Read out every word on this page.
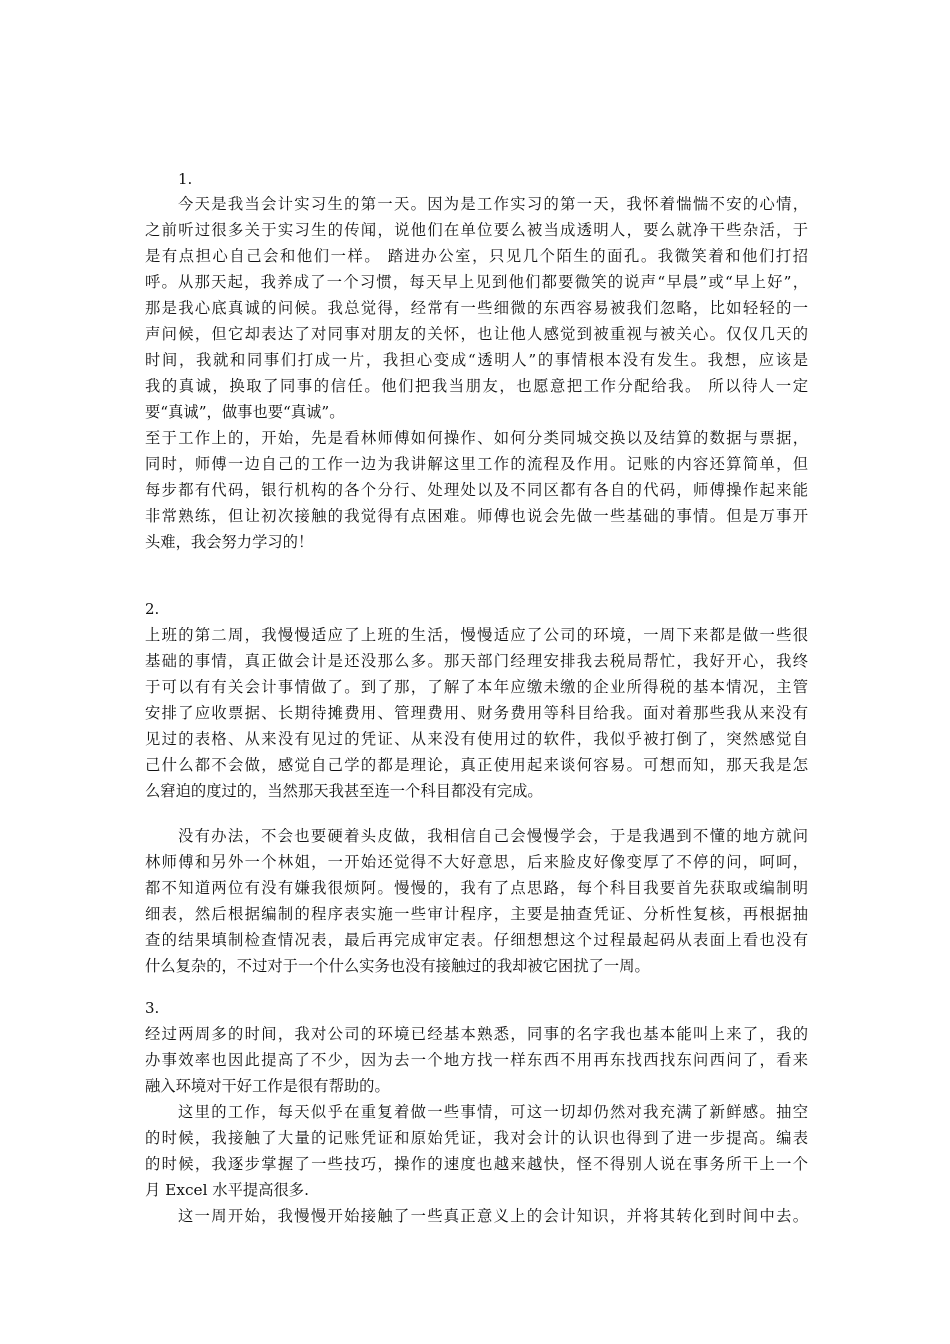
1.
今天是我当会计实习生的第一天。因为是工作实习的第一天，我怀着惴惴不安的心情，
之前听过很多关于实习生的传闻，说他们在单位要么被当成透明人，要么就净干些杂活，于
是有点担心自己会和他们一样。 踏进办公室，只见几个陌生的面孔。我微笑着和他们打招
呼。从那天起，我养成了一个习惯，每天早上见到他们都要微笑的说声“早晨”或“早上好”，
那是我心底真诚的问候。我总觉得，经常有一些细微的东西容易被我们忽略，比如轻轻的一
声问候，但它却表达了对同事对朋友的关怀，也让他人感觉到被重视与被关心。仅仅几天的
时间，我就和同事们打成一片，我担心变成“透明人”的事情根本没有发生。我想，应该是
我的真诚，换取了同事的信任。他们把我当朋友，也愿意把工作分配给我。 所以待人一定
要“真诚”，做事也要“真诚”。
至于工作上的，开始，先是看林师傅如何操作、如何分类同城交换以及结算的数据与票据，
同时，师傅一边自己的工作一边为我讲解这里工作的流程及作用。记账的内容还算简单，但
每步都有代码，银行机构的各个分行、处理处以及不同区都有各自的代码，师傅操作起来能
非常熟练，但让初次接触的我觉得有点困难。师傅也说会先做一些基础的事情。但是万事开
头难，我会努力学习的！
2.
上班的第二周，我慢慢适应了上班的生活，慢慢适应了公司的环境，一周下来都是做一些很
基础的事情，真正做会计是还没那么多。那天部门经理安排我去税局帮忙，我好开心，我终
于可以有有关会计事情做了。到了那，了解了本年应缴未缴的企业所得税的基本情况，主管
安排了应收票据、长期待摊费用、管理费用、财务费用等科目给我。面对着那些我从来没有
见过的表格、从来没有见过的凭证、从来没有使用过的软件，我似乎被打倒了，突然感觉自
己什么都不会做，感觉自己学的都是理论，真正使用起来谈何容易。可想而知，那天我是怎
么窘迫的度过的，当然那天我甚至连一个科目都没有完成。
没有办法，不会也要硬着头皮做，我相信自己会慢慢学会，于是我遇到不懂的地方就问
林师傅和另外一个林姐，一开始还觉得不大好意思，后来脸皮好像变厚了不停的问，呵呵，
都不知道两位有没有嫌我很烦阿。慢慢的，我有了点思路，每个科目我要首先获取或编制明
细表，然后根据编制的程序表实施一些审计程序，主要是抽查凭证、分析性复核，再根据抽
查的结果填制检查情况表，最后再完成审定表。仔细想想这个过程最起码从表面上看也没有
什么复杂的，不过对于一个什么实务也没有接触过的我却被它困扰了一周。
3.
经过两周多的时间，我对公司的环境已经基本熟悉，同事的名字我也基本能叫上来了，我的
办事效率也因此提高了不少，因为去一个地方找一样东西不用再东找西找东问西问了，看来
融入环境对干好工作是很有帮助的。
这里的工作，每天似乎在重复着做一些事情，可这一切却仍然对我充满了新鲜感。抽空
的时候，我接触了大量的记账凭证和原始凭证，我对会计的认识也得到了进一步提高。编表
的时候，我逐步掌握了一些技巧，操作的速度也越来越快，怪不得别人说在事务所干上一个
月 Excel 水平提高很多.
这一周开始，我慢慢开始接触了一些真正意义上的会计知识，并将其转化到时间中去。
